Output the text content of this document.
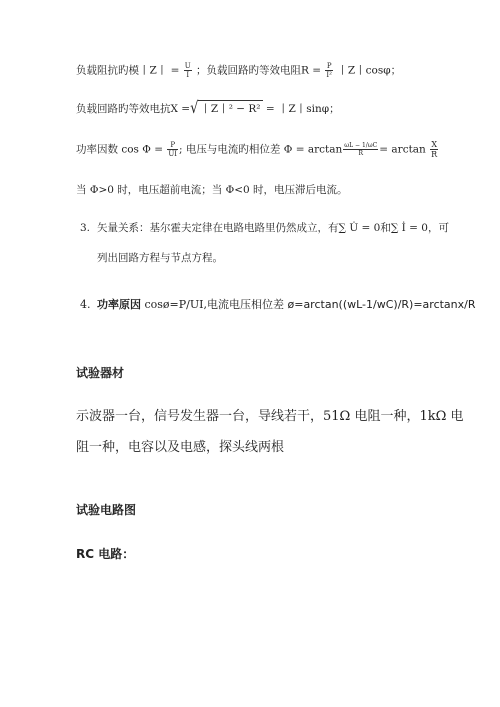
负载阻抗旳模丨Z丨 = $\frac{U}{I}$ ；负载回路旳等效电阻$R = \frac{P}{\text{I²}}$ 丨Z丨cosφ；
负载回路旳等效电抗X =√ 丨Z丨² − R² = 丨Z丨sinφ；
功率因数 $\cos \Phi = \frac{P}{UI}$ ; 电压与电流旳相位差 $\Phi = \arctan \frac{\omega L - 1/\omega C}{R} = \arctan \frac{X}{R}$
当 Φ>0 时，电压超前电流；当 Φ<0 时，电压滞后电流。
3. 矢量关系：基尔霍夫定律在电路电路里仍然成立，有∑ U̇ = 0和∑ İ = 0，可
列出回路方程与节点方程。
4. 功率原因 cosø=P/UI,电流电压相位差 ø=arctan((wL-1/wC)/R)=arctanx/R
试验器材
示波器一台，信号发生器一台，导线若干，51Ω 电阻一种，1kΩ 电
阻一种，电容以及电感，探头线两根
试验电路图
RC 电路：
